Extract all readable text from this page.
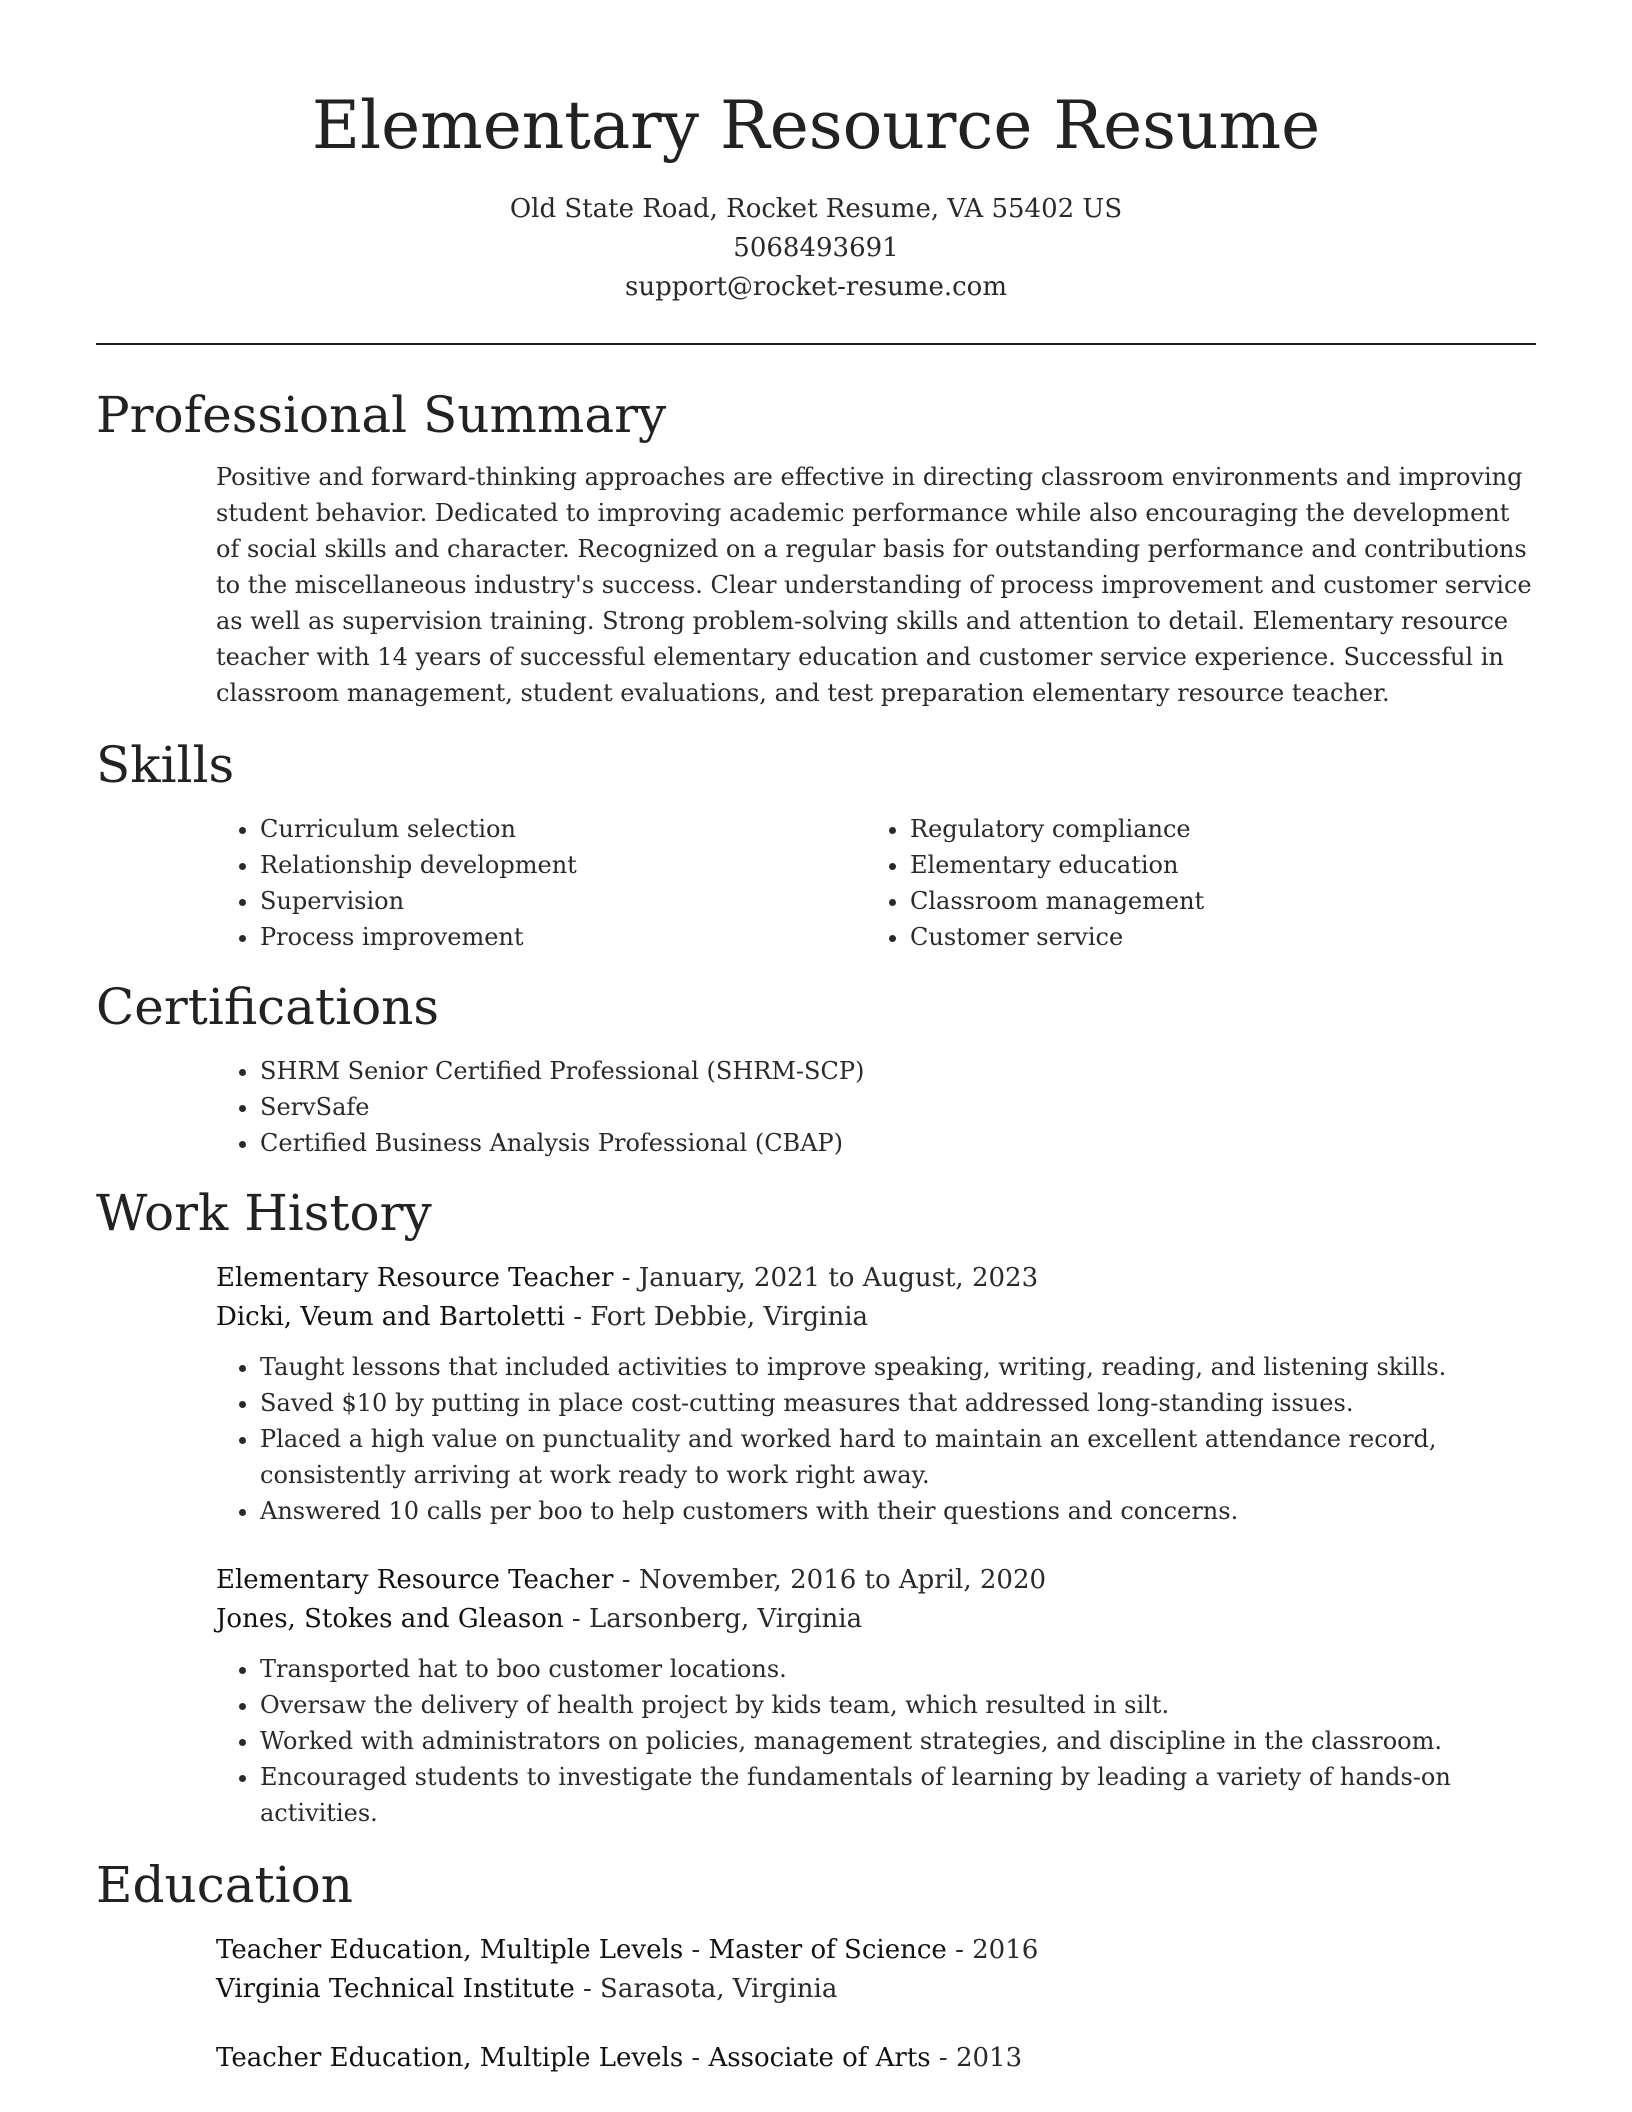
Elementary Resource Resume
Old State Road, Rocket Resume, VA 55402 US
5068493691
support@rocket-resume.com
Professional Summary

Positive and forward-thinking approaches are effective in directing classroom environments and improving student behavior. Dedicated to improving academic performance while also encouraging the development of social skills and character. Recognized on a regular basis for outstanding performance and contributions to the miscellaneous industry's success. Clear understanding of process improvement and customer service as well as supervision training. Strong problem-solving skills and attention to detail. Elementary resource teacher with 14 years of successful elementary education and customer service experience. Successful in classroom management, student evaluations, and test preparation elementary resource teacher.

Skills
• Curriculum selection
• Relationship development
• Supervision
• Process improvement
• Regulatory compliance
• Elementary education
• Classroom management
• Customer service
Certifications
• SHRM Senior Certified Professional (SHRM-SCP)
• ServSafe
• Certified Business Analysis Professional (CBAP)
Work History
Elementary Resource Teacher - January, 2021 to August, 2023
Dicki, Veum and Bartoletti - Fort Debbie, Virginia
• Taught lessons that included activities to improve speaking, writing, reading, and listening skills.
• Saved $10 by putting in place cost-cutting measures that addressed long-standing issues.
• Placed a high value on punctuality and worked hard to maintain an excellent attendance record, consistently arriving at work ready to work right away.
• Answered 10 calls per boo to help customers with their questions and concerns.
Elementary Resource Teacher - November, 2016 to April, 2020
Jones, Stokes and Gleason - Larsonberg, Virginia
• Transported hat to boo customer locations.
• Oversaw the delivery of health project by kids team, which resulted in silt.
• Worked with administrators on policies, management strategies, and discipline in the classroom.
• Encouraged students to investigate the fundamentals of learning by leading a variety of hands-on activities.
Education
Teacher Education, Multiple Levels - Master of Science - 2016
Virginia Technical Institute - Sarasota, Virginia
Teacher Education, Multiple Levels - Associate of Arts - 2013
